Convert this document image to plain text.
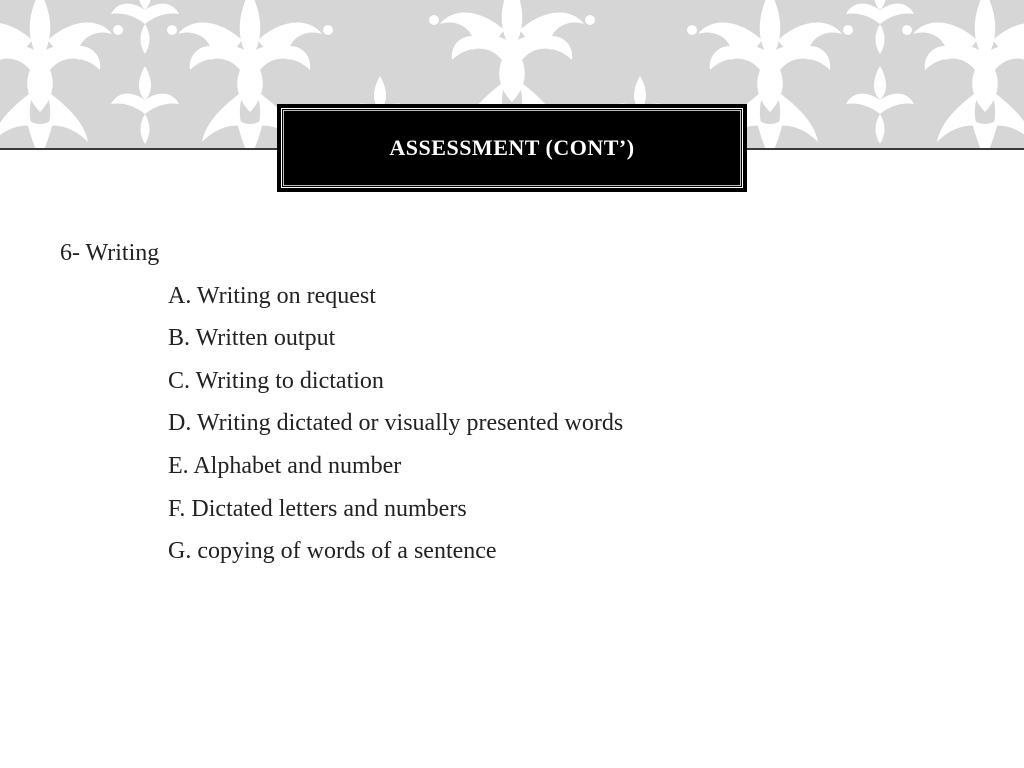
ASSESSMENT (CONT’)

6- Writing

A. Writing on request
B. Written output
C. Writing to dictation
D. Writing dictated or visually presented words
E. Alphabet and number
F. Dictated letters and numbers
G. copying of words of a sentence
